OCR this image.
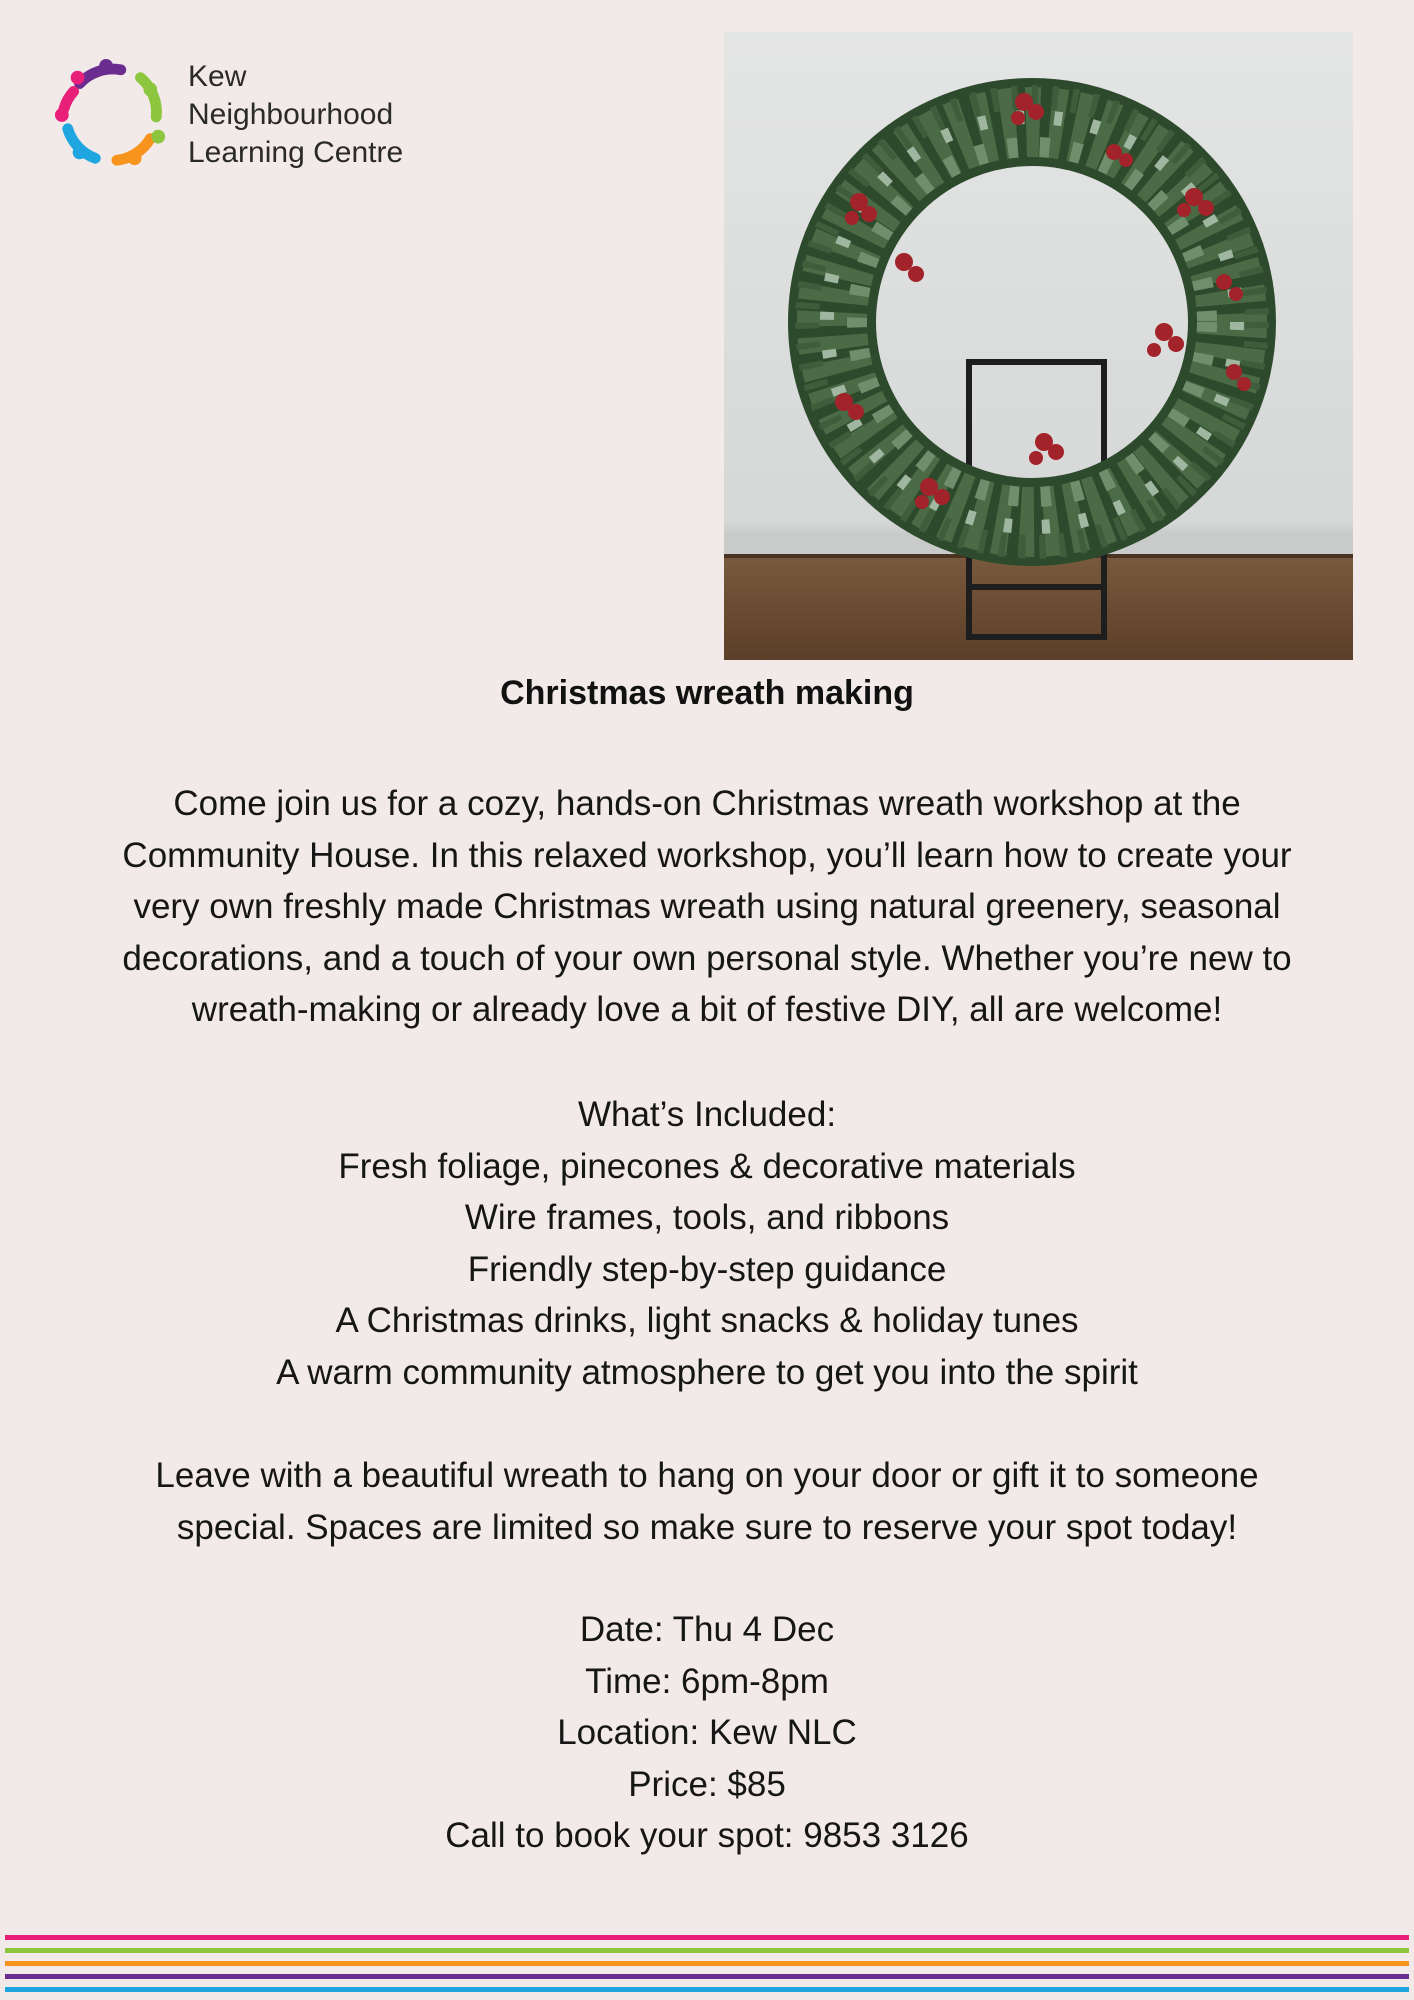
Kew
Neighbourhood
Learning Centre
Christmas wreath making
Come join us for a cozy, hands-on Christmas wreath workshop at the
Community House. In this relaxed workshop, you’ll learn how to create your
very own freshly made Christmas wreath using natural greenery, seasonal
decorations, and a touch of your own personal style. Whether you’re new to
wreath-making or already love a bit of festive DIY, all are welcome!
What’s Included:
Fresh foliage, pinecones & decorative materials
Wire frames, tools, and ribbons
Friendly step-by-step guidance
A Christmas drinks, light snacks & holiday tunes
A warm community atmosphere to get you into the spirit
Leave with a beautiful wreath to hang on your door or gift it to someone
special. Spaces are limited so make sure to reserve your spot today!
Date: Thu 4 Dec
Time: 6pm-8pm
Location: Kew NLC
Price: $85
Call to book your spot: 9853 3126
